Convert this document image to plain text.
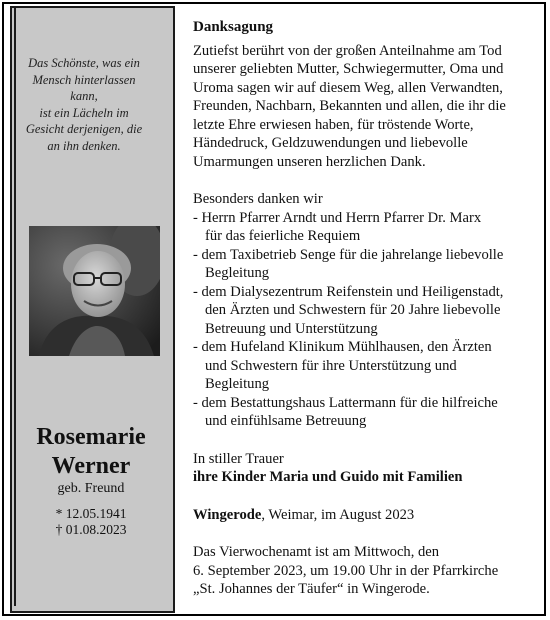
Das Schönste, was ein
Mensch hinterlassen
kann,
ist ein Lächeln im
Gesicht derjenigen, die
an ihn denken.
Rosemarie
Werner
geb. Freund
* 12.05.1941
† 01.08.2023
Danksagung
Zutiefst berührt von der großen Anteilnahme am Tod
unserer geliebten Mutter, Schwiegermutter, Oma und
Uroma sagen wir auf diesem Weg, allen Verwandten,
Freunden, Nachbarn, Bekannten und allen, die ihr die
letzte Ehre erwiesen haben, für tröstende Worte,
Händedruck, Geldzuwendungen und liebevolle
Umarmungen unseren herzlichen Dank.
Besonders danken wir
- Herrn Pfarrer Arndt und Herrn Pfarrer Dr. Marx
für das feierliche Requiem
- dem Taxibetrieb Senge für die jahrelange liebevolle
Begleitung
- dem Dialysezentrum Reifenstein und Heiligenstadt,
den Ärzten und Schwestern für 20 Jahre liebevolle
Betreuung und Unterstützung
- dem Hufeland Klinikum Mühlhausen, den Ärzten
und Schwestern für ihre Unterstützung und
Begleitung
- dem Bestattungshaus Lattermann für die hilfreiche
und einfühlsame Betreuung
In stiller Trauer
ihre Kinder Maria und Guido mit Familien
Wingerode, Weimar, im August 2023
Das Vierwochenamt ist am Mittwoch, den
6. September 2023, um 19.00 Uhr in der Pfarrkirche
„St. Johannes der Täufer“ in Wingerode.
